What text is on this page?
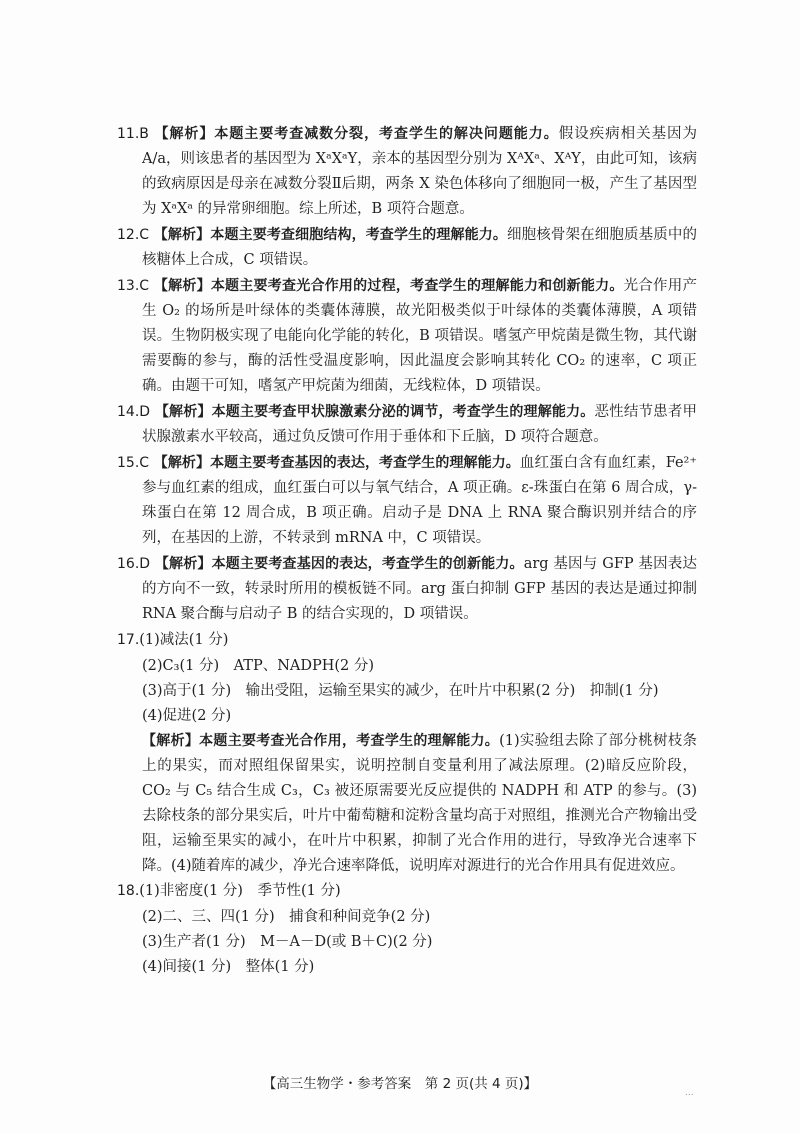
11.B 【解析】本题主要考查减数分裂，考查学生的解决问题能力。假设疾病相关基因为 A/a，则该患者的基因型为 XᵃXᵃY，亲本的基因型分别为 XᴬXᵃ、XᴬY，由此可知，该病的致病原因是母亲在减数分裂Ⅱ后期，两条 X 染色体移向了细胞同一极，产生了基因型为 XᵃXᵃ 的异常卵细胞。综上所述，B 项符合题意。

12.C 【解析】本题主要考查细胞结构，考查学生的理解能力。细胞核骨架在细胞质基质中的核糖体上合成，C 项错误。

13.C 【解析】本题主要考查光合作用的过程，考查学生的理解能力和创新能力。光合作用产生 O₂ 的场所是叶绿体的类囊体薄膜，故光阳极类似于叶绿体的类囊体薄膜，A 项错误。生物阴极实现了电能向化学能的转化，B 项错误。嗜氢产甲烷菌是微生物，其代谢需要酶的参与，酶的活性受温度影响，因此温度会影响其转化 CO₂ 的速率，C 项正确。由题干可知，嗜氢产甲烷菌为细菌，无线粒体，D 项错误。

14.D 【解析】本题主要考查甲状腺激素分泌的调节，考查学生的理解能力。恶性结节患者甲状腺激素水平较高，通过负反馈可作用于垂体和下丘脑，D 项符合题意。

15.C 【解析】本题主要考查基因的表达，考查学生的理解能力。血红蛋白含有血红素，Fe²⁺ 参与血红素的组成，血红蛋白可以与氧气结合，A 项正确。ε-珠蛋白在第 6 周合成，γ-珠蛋白在第 12 周合成，B 项正确。启动子是 DNA 上 RNA 聚合酶识别并结合的序列，在基因的上游，不转录到 mRNA 中，C 项错误。

16.D 【解析】本题主要考查基因的表达，考查学生的创新能力。arg 基因与 GFP 基因表达的方向不一致，转录时所用的模板链不同。arg 蛋白抑制 GFP 基因的表达是通过抑制 RNA 聚合酶与启动子 B 的结合实现的，D 项错误。

17.(1)减法(1 分)

(2)C₃(1 分)　ATP、NADPH(2 分)

(3)高于(1 分)　输出受阻，运输至果实的减少，在叶片中积累(2 分)　抑制(1 分)

(4)促进(2 分)

【解析】本题主要考查光合作用，考查学生的理解能力。(1)实验组去除了部分桃树枝条上的果实，而对照组保留果实，说明控制自变量利用了减法原理。(2)暗反应阶段，CO₂ 与 C₅ 结合生成 C₃，C₃ 被还原需要光反应提供的 NADPH 和 ATP 的参与。(3)去除枝条的部分果实后，叶片中葡萄糖和淀粉含量均高于对照组，推测光合产物输出受阻，运输至果实的减小，在叶片中积累，抑制了光合作用的进行，导致净光合速率下降。(4)随着库的减少，净光合速率降低，说明库对源进行的光合作用具有促进效应。

18.(1)非密度(1 分)　季节性(1 分)

(2)二、三、四(1 分)　捕食和种间竞争(2 分)

(3)生产者(1 分)　M－A－D(或 B＋C)(2 分)

(4)间接(1 分)　整体(1 分)

【高三生物学・参考答案　第 2 页(共 4 页)】
...
